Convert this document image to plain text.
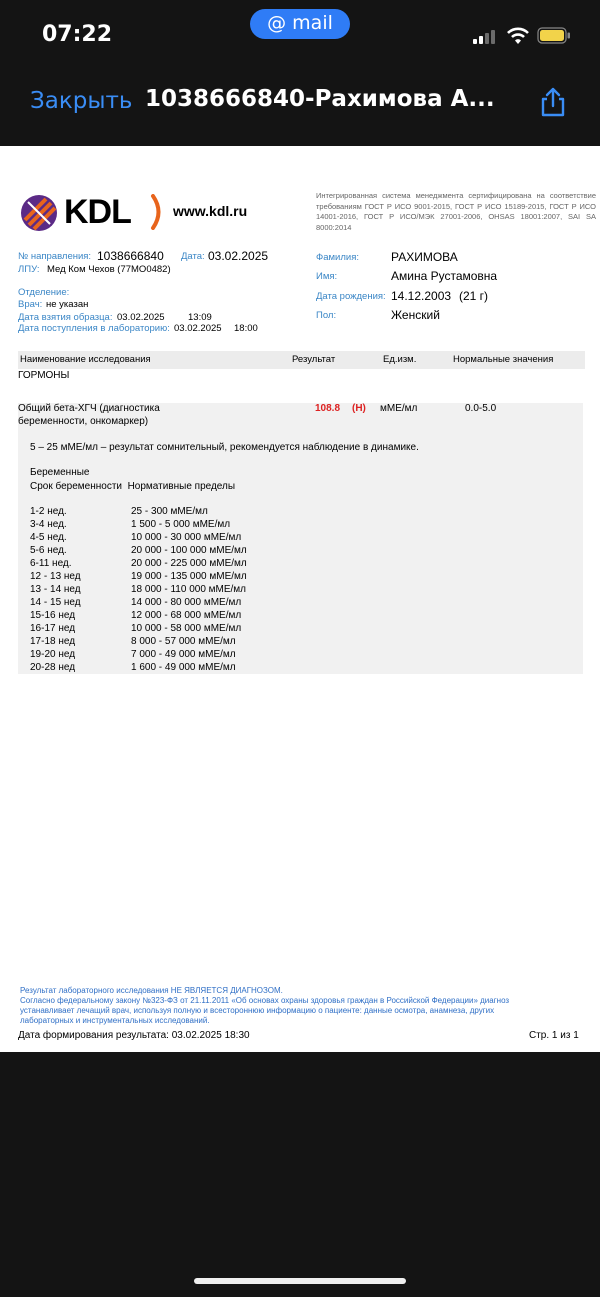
07:22	@ mail
Закрыть 1038666840-Рахимова А...
KDL	www.kdl.ru
Интегрированная система менеджмента сертифицирована на соответствие требованиям ГОСТ Р ИСО 9001-2015, ГОСТ Р ИСО 15189-2015, ГОСТ Р ИСО 14001-2016, ГОСТ Р ИСО/МЭК 27001-2006, OHSAS 18001:2007, SAI SA 8000:2014
№ направления: 1038666840 Дата: 03.02.2025
ЛПУ: Мед Ком Чехов (77МО0482)
Отделение:
Врач: не указан
Дата взятия образца: 03.02.2025 13:09
Дата поступления в лабораторию: 03.02.2025 18:00
Фамилия:	РАХИМОВА
Имя:	Амина Рустамовна
Дата рождения: 14.12.2003 (21 г)
Пол:	Женский
Наименование исследования	Результат	Ед.изм.	Нормальные значения
ГОРМОНЫ
Общий бета-ХГЧ (диагностика
беременности, онкомаркер)
108.8 (H) мМЕ/мл	0.0-5.0
5 – 25 мМЕ/мл – результат сомнительный, рекомендуется наблюдение в динамике.
Беременные
Срок беременности  Нормативные пределы
1-2 нед.	25 - 300 мМЕ/мл
3-4 нед.	1 500 - 5 000 мМЕ/мл
4-5 нед.	10 000 - 30 000 мМЕ/мл
5-6 нед.	20 000 - 100 000 мМЕ/мл
6-11 нед.	20 000 - 225 000 мМЕ/мл
12 - 13 нед	19 000 - 135 000 мМЕ/мл
13 - 14 нед	18 000 - 110 000 мМЕ/мл
14 - 15 нед	14 000 - 80 000 мМЕ/мл
15-16 нед	12 000 - 68 000 мМЕ/мл
16-17 нед	10 000 - 58 000 мМЕ/мл
17-18 нед	8 000 - 57 000 мМЕ/мл
19-20 нед	7 000 - 49 000 мМЕ/мл
20-28 нед	1 600 - 49 000 мМЕ/мл
Результат лабораторного исследования НЕ ЯВЛЯЕТСЯ ДИАГНОЗОМ.
Согласно федеральному закону №323-ФЗ от 21.11.2011 «Об основах охраны здоровья граждан в Российской Федерации» диагноз
устанавливает лечащий врач, используя полную и всестороннюю информацию о пациенте: данные осмотра, анамнеза, других
лабораторных и инструментальных исследований.
Дата формирования результата: 03.02.2025 18:30	Стр. 1 из 1
